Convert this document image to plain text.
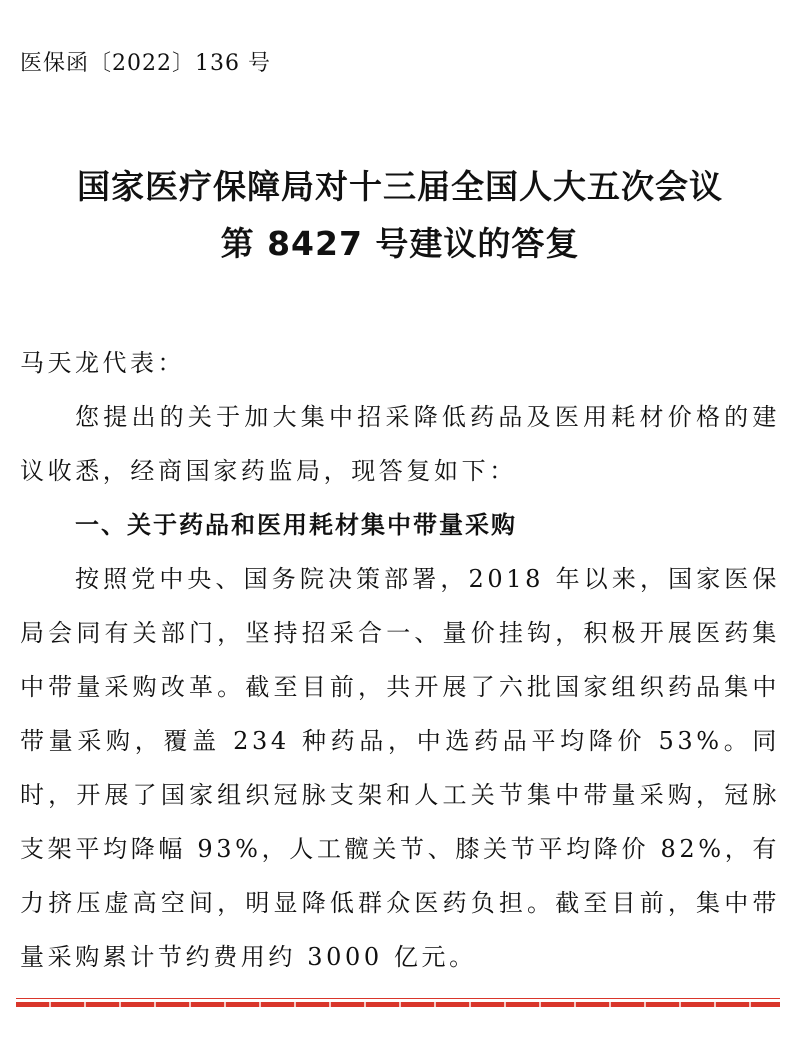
医保函〔2022〕136 号
国家医疗保障局对十三届全国人大五次会议
第 8427 号建议的答复

马天龙代表：

您提出的关于加大集中招采降低药品及医用耗材价格的建议收悉，经商国家药监局，现答复如下：

一、关于药品和医用耗材集中带量采购

按照党中央、国务院决策部署，2018 年以来，国家医保局会同有关部门，坚持招采合一、量价挂钩，积极开展医药集中带量采购改革。截至目前，共开展了六批国家组织药品集中带量采购，覆盖 234 种药品，中选药品平均降价 53%。同时，开展了国家组织冠脉支架和人工关节集中带量采购，冠脉支架平均降幅 93%，人工髋关节、膝关节平均降价 82%，有力挤压虚高空间，明显降低群众医药负担。截至目前，集中带量采购累计节约费用约 3000 亿元。
